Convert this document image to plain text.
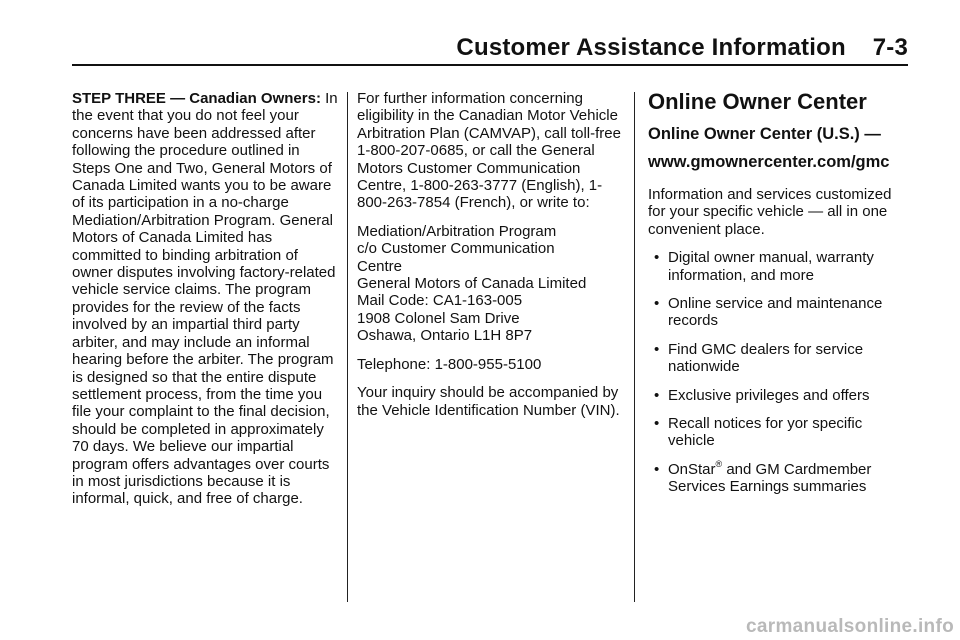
Customer Assistance Information 7-3

STEP THREE — Canadian Owners: In the event that you do not feel your concerns have been addressed after following the procedure outlined in Steps One and Two, General Motors of Canada Limited wants you to be aware of its participation in a no-charge Mediation/Arbitration Program. General Motors of Canada Limited has committed to binding arbitration of owner disputes involving factory-related vehicle service claims. The program provides for the review of the facts involved by an impartial third party arbiter, and may include an informal hearing before the arbiter. The program is designed so that the entire dispute settlement process, from the time you file your complaint to the final decision, should be completed in approximately 70 days. We believe our impartial program offers advantages over courts in most jurisdictions because it is informal, quick, and free of charge.

For further information concerning eligibility in the Canadian Motor Vehicle Arbitration Plan (CAMVAP), call toll-free 1-800-207-0685, or call the General Motors Customer Communication Centre, 1-800-263-3777 (English), 1-800-263-7854 (French), or write to:

Mediation/Arbitration Program
c/o Customer Communication
Centre
General Motors of Canada Limited
Mail Code: CA1-163-005
1908 Colonel Sam Drive
Oshawa, Ontario L1H 8P7

Telephone: 1-800-955-5100

Your inquiry should be accompanied by the Vehicle Identification Number (VIN).

Online Owner Center
Online Owner Center (U.S.) —
www.gmownercenter.com/gmc

Information and services customized for your specific vehicle — all in one convenient place.

• Digital owner manual, warranty information, and more
• Online service and maintenance records
• Find GMC dealers for service nationwide
• Exclusive privileges and offers
• Recall notices for yor specific vehicle
• OnStar® and GM Cardmember Services Earnings summaries
carmanualsonline.info
